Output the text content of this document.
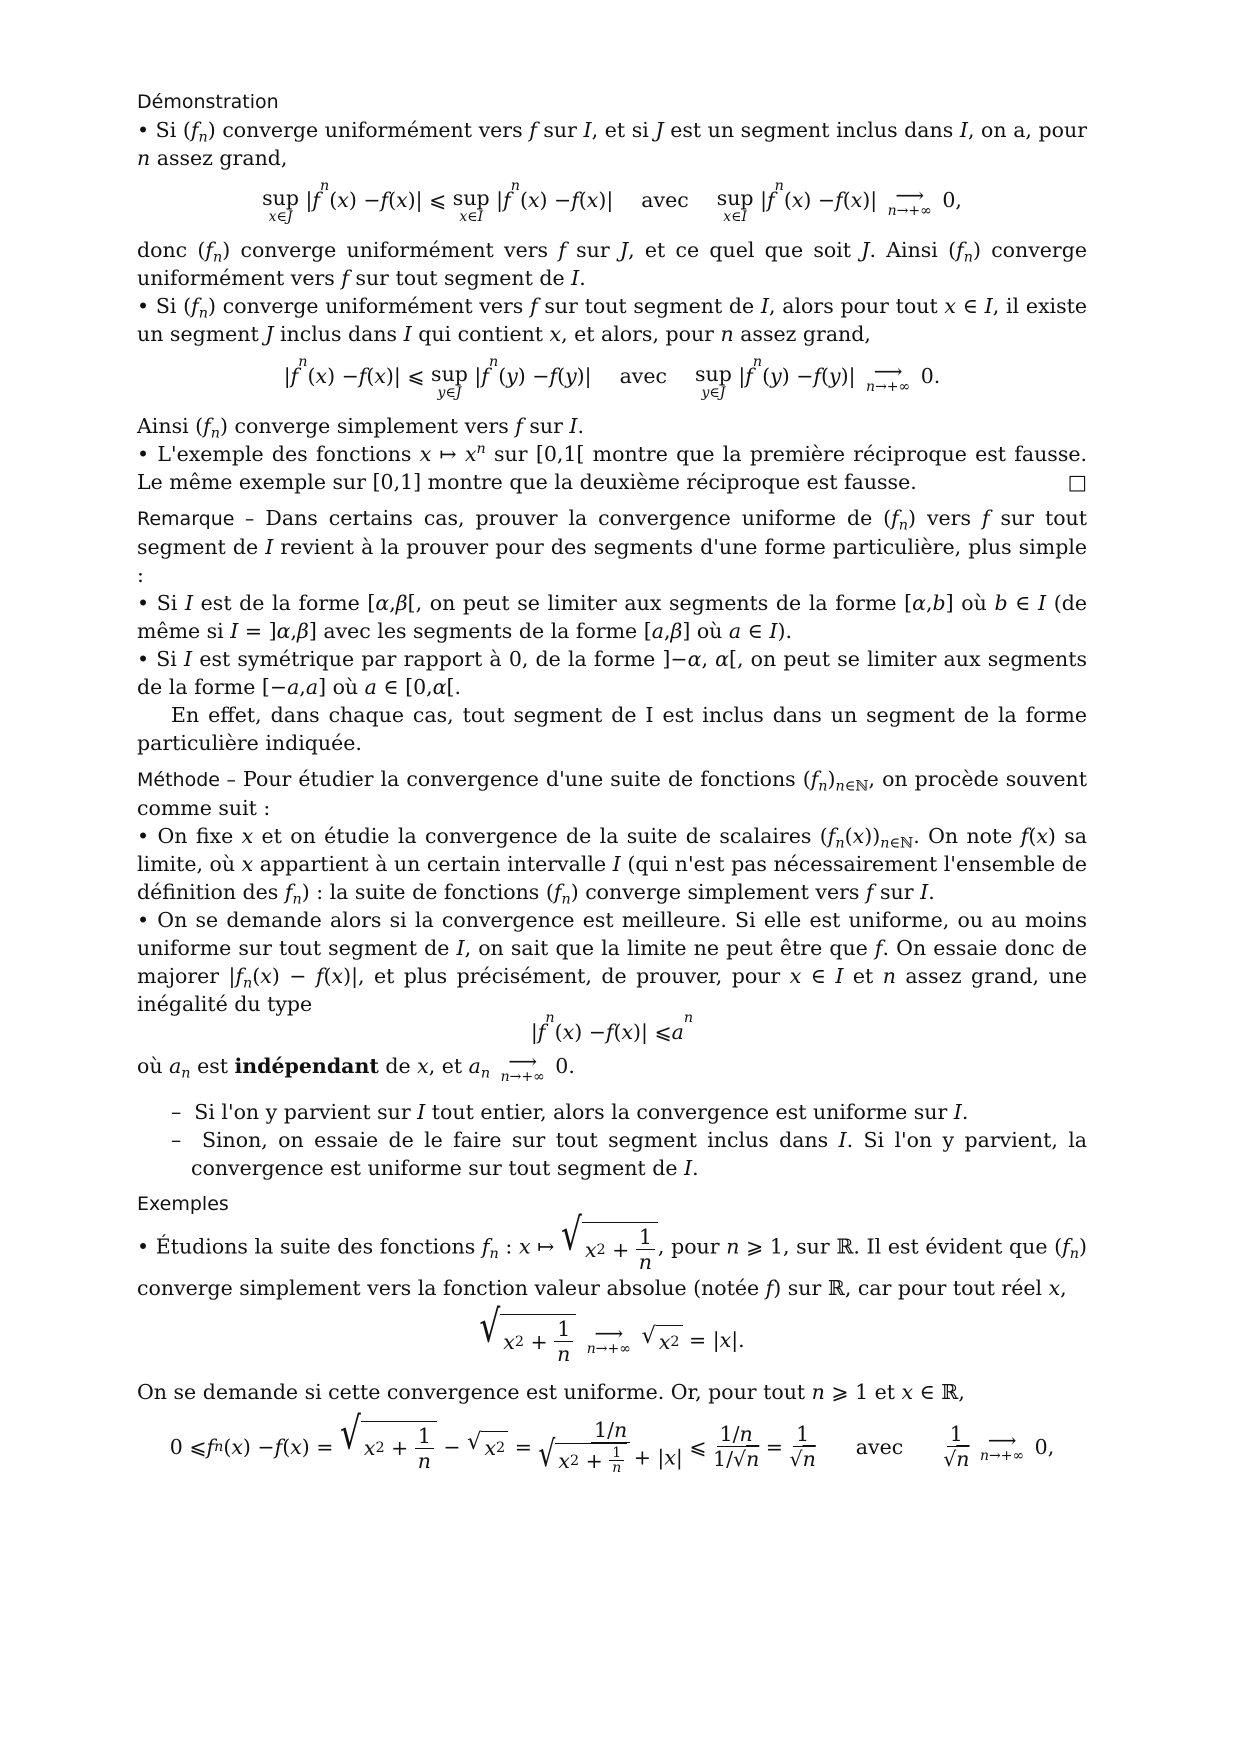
Démonstration

• Si $(f_n)$ converge uniformément vers f sur I, et si J est un segment inclus dans I, on a, pour n assez grand,

sup
x∈J
| f
n
( x ) − f ( x )| ⩽ sup
x∈I
| f
n
( x ) − f ( x )| avec sup
x∈I
| f
n
( x ) − f ( x )| ⟶
n→+∞ 0,

donc $(f_n)$ converge uniformément vers f sur J, et ce quel que soit J. Ainsi $(f_n)$ converge uniformément vers f sur tout segment de I.

• Si $(f_n)$ converge uniformément vers f sur tout segment de I, alors pour tout x ∈ I, il existe un segment J inclus dans I qui contient x, et alors, pour n assez grand,

| f
n
( x ) − f ( x )| ⩽ sup
y∈J
| f
n
( y ) − f ( y )| avec sup
y∈J
| f
n
( y ) − f ( y )| ⟶
n→+∞ 0.

Ainsi $(f_n)$ converge simplement vers f sur I.

• L'exemple des fonctions x ↦ $x^n$ sur [0,1[ montre que la première réciproque est fausse. Le même exemple sur [0,1] montre que la deuxième réciproque est fausse.	□

Remarque – Dans certains cas, prouver la convergence uniforme de $(f_n)$ vers f sur tout segment de I revient à la prouver pour des segments d'une forme particulière, plus simple :

• Si I est de la forme [α,β[, on peut se limiter aux segments de la forme [α,b] où b ∈ I (de même si I = ]α,β] avec les segments de la forme [a,β] où a ∈ I).

• Si I est symétrique par rapport à 0, de la forme ]−α, α[, on peut se limiter aux segments de la forme [−a,a] où a ∈ [0,α[.

En effet, dans chaque cas, tout segment de I est inclus dans un segment de la forme particulière indiquée.

Méthode – Pour étudier la convergence d'une suite de fonctions $(f_n)_{n\in ℕ}$, on procède souvent comme suit :

• On fixe x et on étudie la convergence de la suite de scalaires $(f_n(x))_{n\in ℕ}$. On note f(x) sa limite, où x appartient à un certain intervalle I (qui n'est pas nécessairement l'ensemble de définition des $f_n$) : la suite de fonctions $(f_n)$ converge simplement vers f sur I.

• On se demande alors si la convergence est meilleure. Si elle est uniforme, ou au moins uniforme sur tout segment de I, on sait que la limite ne peut être que f. On essaie donc de majorer $|f_n(x) - f(x)|$, et plus précisément, de prouver, pour x ∈ I et n assez grand, une inégalité du type

| f
n
( x ) − f ( x )| ⩽ a
n

où $a_n$ est indépendant de x, et $a_n$
⟶
n→+∞ 0.

–  Si l'on y parvient sur I tout entier, alors la convergence est uniforme sur I.

–  Sinon, on essaie de le faire sur tout segment inclus dans I. Si l'on y parvient, la convergence est uniforme sur tout segment de I.

Exemples

• Étudions la suite des fonctions $f_n$ : x ↦ √ x $2 + \frac{1}{n}$ , pour n ⩾ 1, sur ℝ. Il est évident que $(f_n)$ converge simplement vers la fonction valeur absolue (notée f) sur ℝ, car pour tout réel x,

√ x $2 + \frac{1}{n}$
⟶
n→+∞

√ x 2 = | x |.

On se demande si cette convergence est uniforme. Or, pour tout n ⩾ 1 et x ∈ ℝ,

0 ⩽ f n ( x ) − f ( x ) = √ x $2 + \frac{1}{n}$ − √ x $2 = \frac{1/n}{√ x 2 + \frac{1}{n} + |x|}$ ⩽ $\frac{1/n}{1/√n} = \frac{1}{√n}$ avec $\frac{1}{√n}$
⟶
n→+∞ 0,
